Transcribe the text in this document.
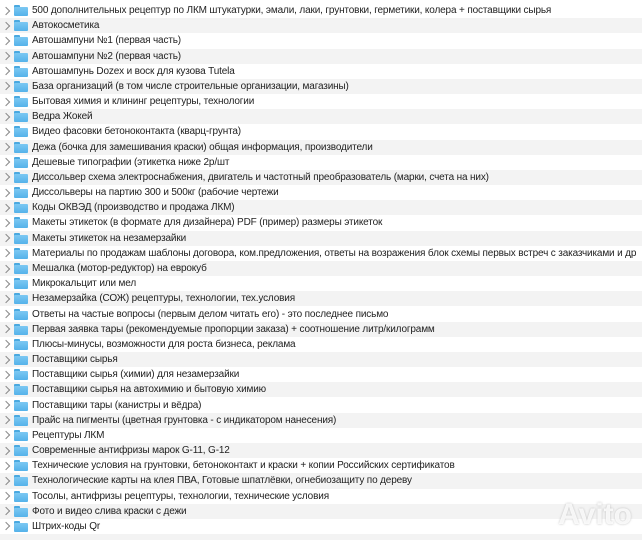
500 дополнительных рецептур по ЛКМ штукатурки, эмали, лаки, грунтовки, герметики, колера + поставщики сырья
Автокосметика
Автошампуни №1 (первая часть)
Автошампуни №2 (первая часть)
Автошампунь Dozex и воск для кузова Tutela
База организаций (в том числе строительные организации, магазины)
Бытовая химия и клининг рецептуры, технологии
Ведра Жокей
Видео фасовки бетоноконтакта (кварц-грунта)
Дежа (бочка для замешивания краски) общая информация, производители
Дешевые типографии (этикетка ниже 2р/шт
Диссольвер схема электроснабжения, двигатель и частотный преобразователь (марки, счета на них)
Диссольверы на партию 300 и 500кг (рабочие чертежи
Коды ОКВЭД (производство и продажа ЛКМ)
Макеты этикеток (в формате для дизайнера) PDF (пример) размеры этикеток
Макеты этикеток на незамерзайки
Материалы по продажам шаблоны договора, ком.предложения, ответы на возражения блок схемы первых встреч с заказчиками и др
Мешалка (мотор-редуктор) на еврокуб
Микрокальцит или мел
Незамерзайка (СОЖ) рецептуры, технологии, тех.условия
Ответы на частые вопросы (первым делом читать его) - это последнее письмо
Первая заявка тары (рекомендуемые пропорции заказа) + соотношение литр/килограмм
Плюсы-минусы, возможности для роста бизнеса, реклама
Поставщики сырья
Поставщики сырья (химии) для незамерзайки
Поставщики сырья на автохимию и бытовую химию
Поставщики тары (канистры и вёдра)
Прайс на пигменты (цветная грунтовка - с индикатором нанесения)
Рецептуры ЛКМ
Современные антифризы марок G-11, G-12
Технические условия на грунтовки, бетоноконтакт и краски + копии Российских сертификатов
Технологические карты на клея ПВА, Готовые шпатлёвки, огнебиозащиту по дереву
Тосолы, антифризы рецептуры, технологии, технические условия
Фото и видео слива краски с дежи
Штрих-коды Qr	Avito
